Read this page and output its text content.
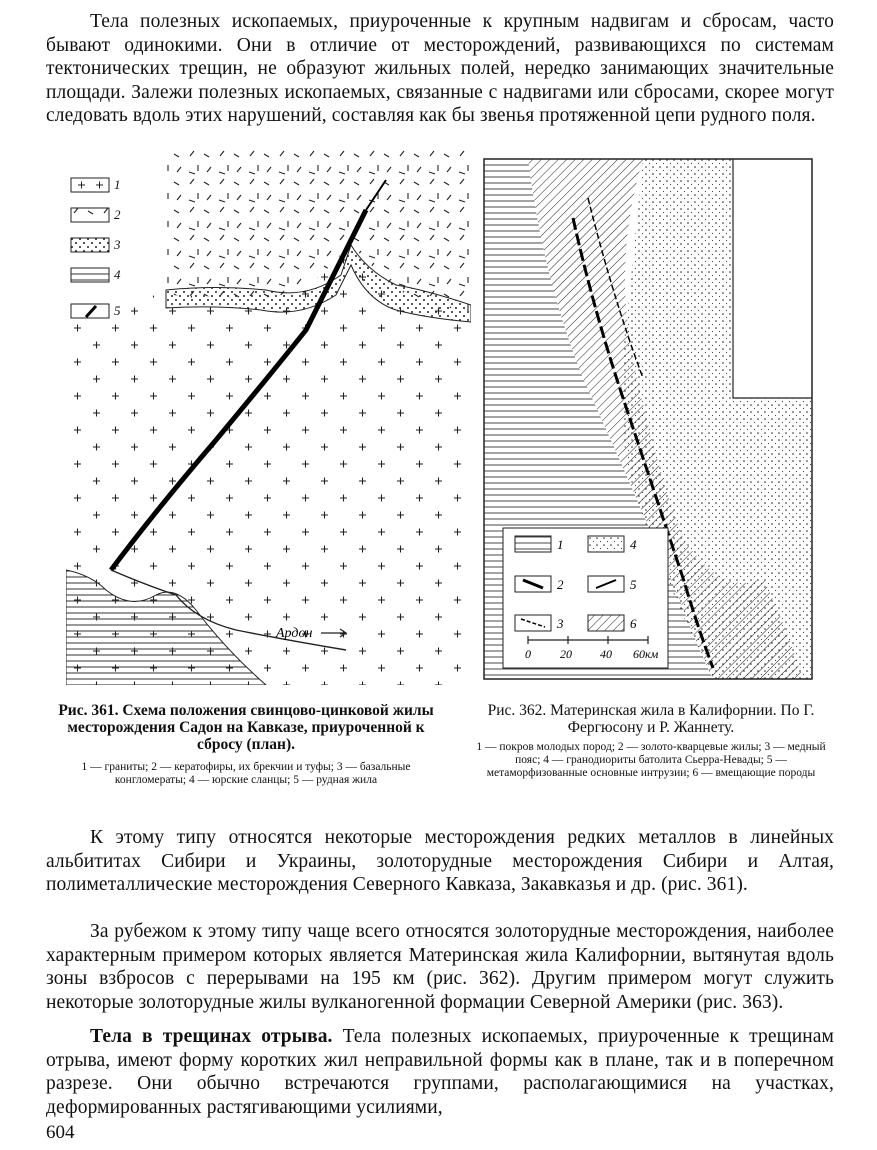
Тела полезных ископаемых, приуроченные к крупным надвигам и сбросам, часто бывают одинокими. Они в отличие от месторождений, развивающихся по системам тектонических трещин, не образуют жильных полей, нередко занимающих значительные площади. Залежи полезных ископаемых, связанные с надвигами или сбросами, скорее могут следовать вдоль этих нарушений, составляя как бы звенья протяженной цепи рудного поля.

Ардон
1
2
3
4
5
Рис. 361. Схема положения свинцово-цинковой жилы месторождения Садон на Кавказе, приуроченной к сбросу (план).
1 — граниты; 2 — кератофиры, их брекчии и туфы; 3 — базальные конгломераты; 4 — юрские сланцы; 5 — рудная жила
1
2
3
4
5
6
0 20 40 60км
Рис. 362. Материнская жила в Калифорнии. По Г. Фергюсону и Р. Жаннету.
1 — покров молодых пород; 2 — золото-кварцевые жилы; 3 — медный пояс; 4 — гранодиориты батолита Сьерра-Невады; 5 — метаморфизованные основные интрузии; 6 — вмещающие породы

К этому типу относятся некоторые месторождения редких металлов в линейных альбититах Сибири и Украины, золоторудные месторождения Сибири и Алтая, полиметаллические месторождения Северного Кавказа, Закавказья и др. (рис. 361).

За рубежом к этому типу чаще всего относятся золоторудные месторождения, наиболее характерным примером которых является Материнская жила Калифорнии, вытянутая вдоль зоны взбросов с перерывами на 195 км (рис. 362). Другим примером могут служить некоторые золоторудные жилы вулканогенной формации Северной Америки (рис. 363).

Тела в трещинах отрыва. Тела полезных ископаемых, приуроченные к трещинам отрыва, имеют форму коротких жил неправильной формы как в плане, так и в поперечном разрезе. Они обычно встречаются группами, располагающимися на участках, деформированных растягивающими усилиями,

604
